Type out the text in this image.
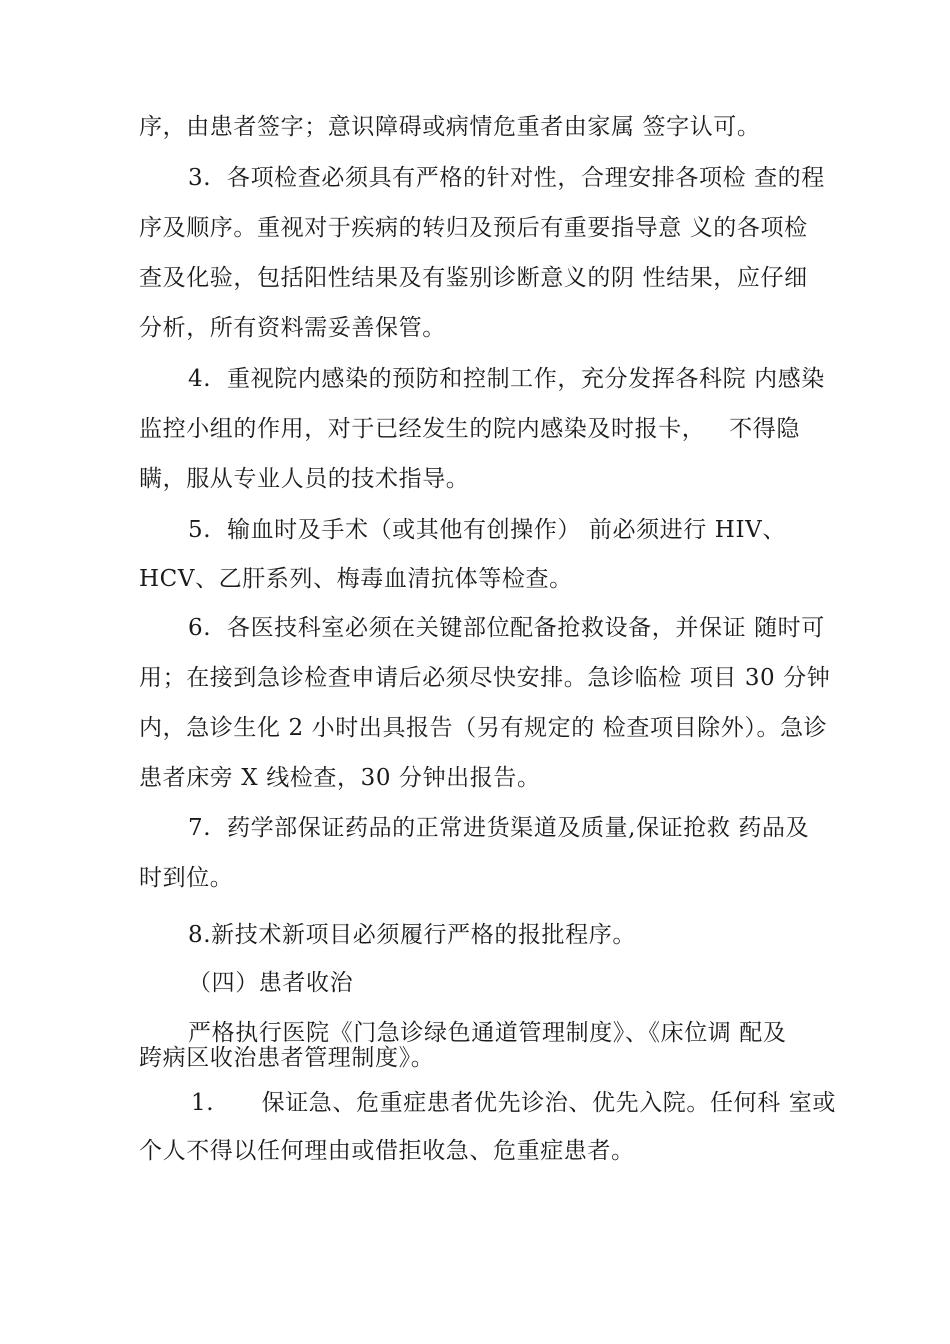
序，由患者签字；意识障碍或病情危重者由家属 签字认可。
3.  各项检查必须具有严格的针对性，合理安排各项检 查的程
序及顺序。重视对于疾病的转归及预后有重要指导意 义的各项检
查及化验，包括阳性结果及有鉴别诊断意义的阴 性结果，应仔细
分析，所有资料需妥善保管。
4.  重视院内感染的预防和控制工作，充分发挥各科院 内感染
监控小组的作用，对于已经发生的院内感染及时报卡，   不得隐
瞒，服从专业人员的技术指导。
5.  输血时及手术（或其他有创操作） 前必须进行 HIV、
HCV、乙肝系列、梅毒血清抗体等检查。
6.  各医技科室必须在关键部位配备抢救设备，并保证 随时可
用；在接到急诊检查申请后必须尽快安排。急诊临检 项目 30 分钟
内，急诊生化 2 小时出具报告（另有规定的 检查项目除外）。急诊
患者床旁 X 线检查，30 分钟出报告。
7.  药学部保证药品的正常进货渠道及质量,保证抢救 药品及
时到位。
8.新技术新项目必须履行严格的报批程序。
（四）患者收治
严格执行医院《门急诊绿色通道管理制度》、《床位调 配及
跨病区收治患者管理制度》。
1.      保证急、危重症患者优先诊治、优先入院。任何科 室或
个人不得以任何理由或借拒收急、危重症患者。
